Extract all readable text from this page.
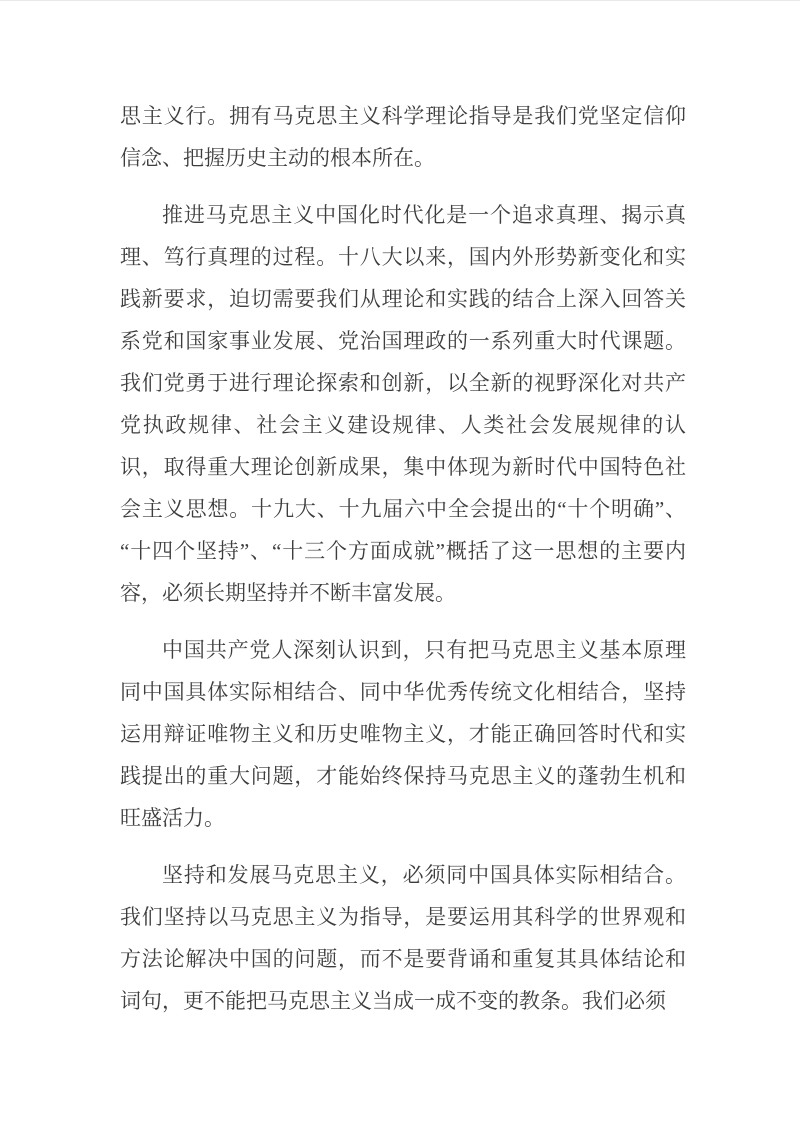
思主义行。拥有马克思主义科学理论指导是我们党坚定信仰信念、把握历史主动的根本所在。

推进马克思主义中国化时代化是一个追求真理、揭示真理、笃行真理的过程。十八大以来，国内外形势新变化和实践新要求，迫切需要我们从理论和实践的结合上深入回答关系党和国家事业发展、党治国理政的一系列重大时代课题。我们党勇于进行理论探索和创新，以全新的视野深化对共产党执政规律、社会主义建设规律、人类社会发展规律的认识，取得重大理论创新成果，集中体现为新时代中国特色社会主义思想。十九大、十九届六中全会提出的“十个明确”、“十四个坚持”、“十三个方面成就”概括了这一思想的主要内容，必须长期坚持并不断丰富发展。

中国共产党人深刻认识到，只有把马克思主义基本原理同中国具体实际相结合、同中华优秀传统文化相结合，坚持运用辩证唯物主义和历史唯物主义，才能正确回答时代和实践提出的重大问题，才能始终保持马克思主义的蓬勃生机和旺盛活力。

坚持和发展马克思主义，必须同中国具体实际相结合。我们坚持以马克思主义为指导，是要运用其科学的世界观和方法论解决中国的问题，而不是要背诵和重复其具体结论和词句，更不能把马克思主义当成一成不变的教条。我们必须
